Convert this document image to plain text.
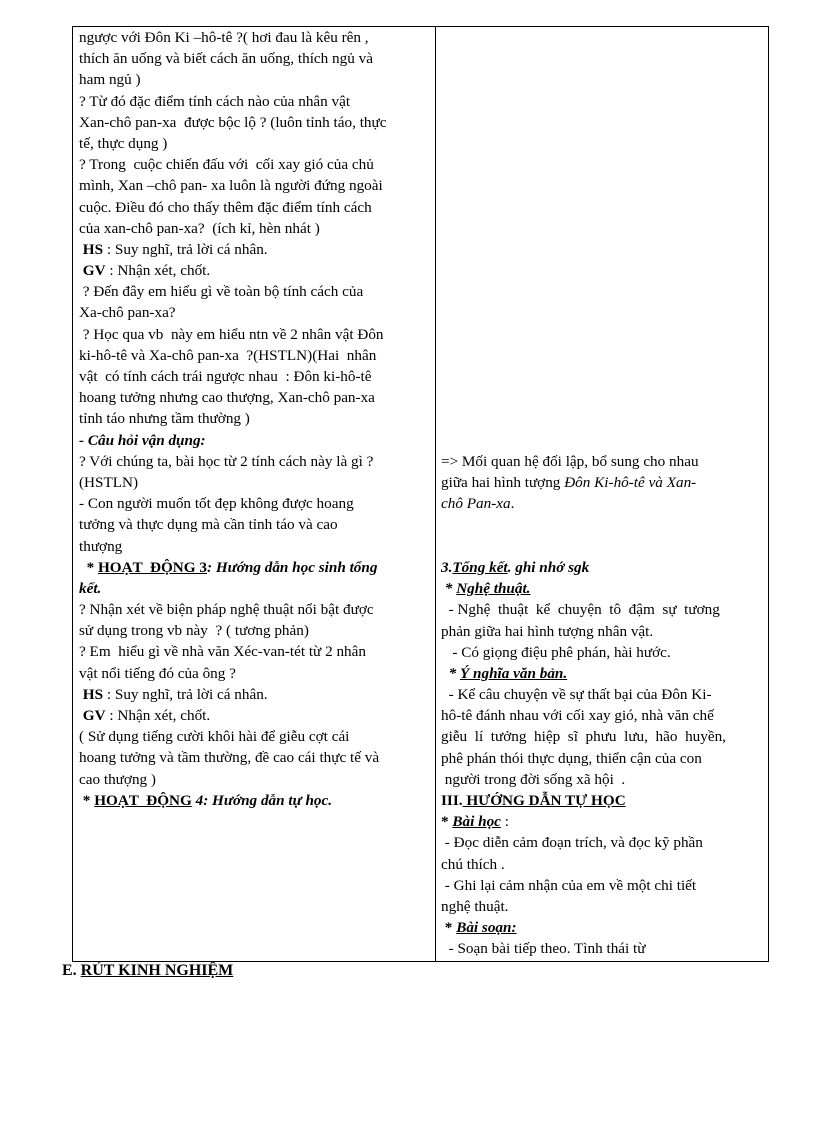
ngược với Đôn Ki –hô-tê ?( hơi đau là kêu rên ,
thích ăn uống và biết cách ăn uống, thích ngủ và
ham ngủ )
? Từ đó đặc điểm tính cách nào của nhân vật
Xan-chô pan-xa  được bộc lộ ? (luôn tỉnh táo, thực
tế, thực dụng )
? Trong  cuộc chiến đấu với  cối xay gió của chủ
mình, Xan –chô pan- xa luôn là người đứng ngoài
cuộc. Điều đó cho thấy thêm đặc điểm tính cách
của xan-chô pan-xa?  (ích kỉ, hèn nhát )
HS : Suy nghĩ, trả lời cá nhân.
GV : Nhận xét, chốt.
? Đến đây em hiểu gì về toàn bộ tính cách của
Xa-chô pan-xa?
? Học qua vb  này em hiểu ntn về 2 nhân vật Đôn
ki-hô-tê và Xa-chô pan-xa  ?(HSTLN)(Hai  nhân
vật  có tính cách trái ngược nhau  : Đôn ki-hô-tê
hoang tưởng nhưng cao thượng, Xan-chô pan-xa
tỉnh táo nhưng tầm thường )
- Câu hỏi vận dụng:
? Với chúng ta, bài học từ 2 tính cách này là gì ?
(HSTLN)
- Con người muốn tốt đẹp không được hoang
tưởng và thực dụng mà cần tỉnh táo và cao
thượng
* HOẠT  ĐỘNG 3: Hướng dẫn học sinh tổng
kết.
? Nhận xét về biện pháp nghệ thuật nổi bật được
sử dụng trong vb này  ? ( tương phản)
? Em  hiểu gì về nhà văn Xéc-van-tét từ 2 nhân
vật nổi tiếng đó của ông ?
HS : Suy nghĩ, trả lời cá nhân.
GV : Nhận xét, chốt.
( Sử dụng tiếng cười khôi hài để giễu cợt cái
hoang tưởng và tầm thường, đề cao cái thực tế và
cao thượng )
* HOẠT  ĐỘNG 4: Hướng dẫn tự học.
=> Mối quan hệ đối lập, bổ sung cho nhau
giữa hai hình tượng Đôn Ki-hô-tê và Xan-
chô Pan-xa.
3.Tổng kết. ghi nhớ sgk
* Nghệ thuật.
- Nghệ  thuật  kể  chuyện  tô  đậm  sự  tương
phản giữa hai hình tượng nhân vật.
- Có giọng điệu phê phán, hài hước.
* Ý nghĩa văn bản.
- Kể câu chuyện về sự thất bại của Đôn Ki-
hô-tê đánh nhau với cối xay gió, nhà văn chế
giễu  lí  tưởng  hiệp  sĩ  phưu  lưu,  hão  huyền,
phê phán thói thực dụng, thiển cận của con
người trong đời sống xã hội  .
III. HƯỚNG DẪN TỰ HỌC
* Bài học :
- Đọc diễn cảm đoạn trích, và đọc kỹ phần
chú thích .
- Ghi lại cảm nhận của em về một chi tiết
nghệ thuật.
* Bài soạn:
- Soạn bài tiếp theo. Tình thái từ
E. RÚT KINH NGHIỆM
